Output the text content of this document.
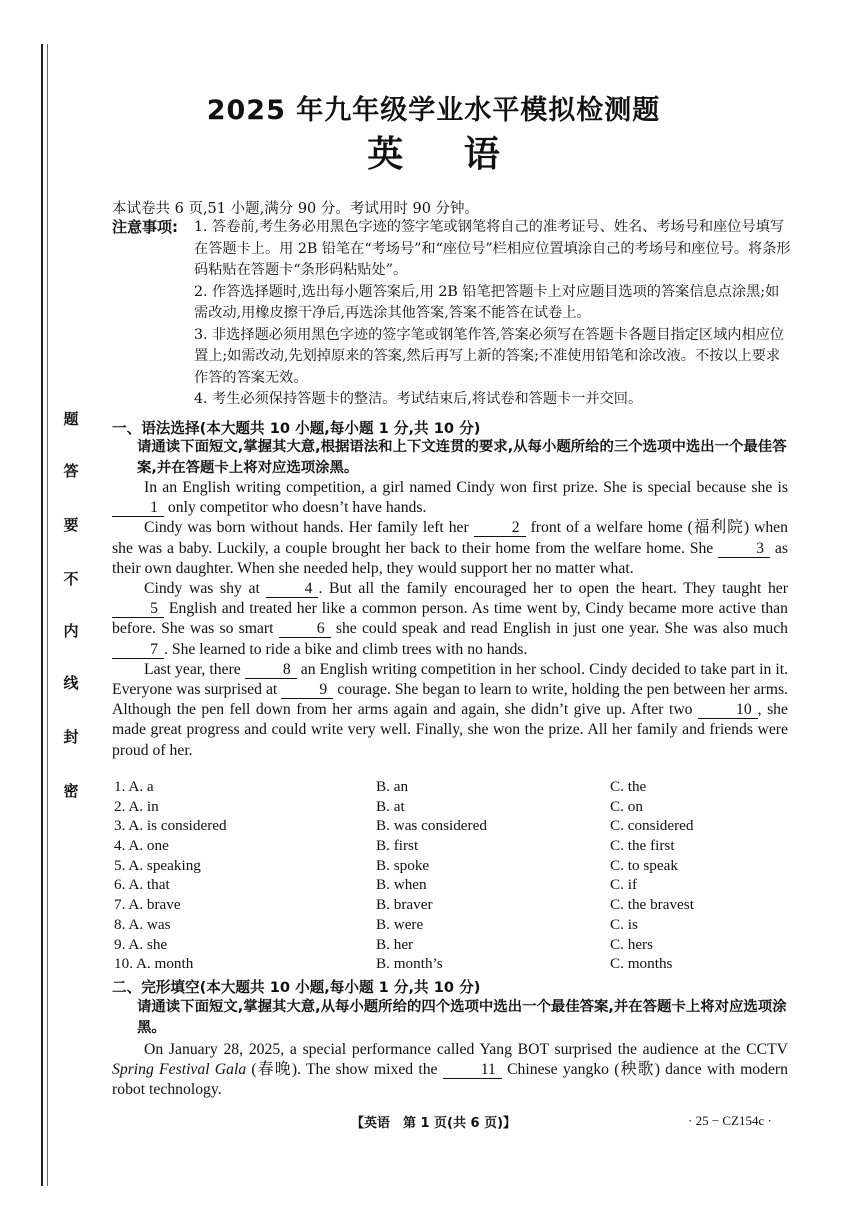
题
答
要
不
内
线
封
密
2025 年九年级学业水平模拟检测题
英 语
本试卷共 6 页,51 小题,满分 90 分。考试用时 90 分钟。
注意事项: 1. 答卷前,考生务必用黑色字迹的签字笔或钢笔将自己的准考证号、姓名、考场号和座位号填写在答题卡上。用 2B 铅笔在“考场号”和“座位号”栏相应位置填涂自己的考场号和座位号。将条形码粘贴在答题卡“条形码粘贴处”。
2. 作答选择题时,选出每小题答案后,用 2B 铅笔把答题卡上对应题目选项的答案信息点涂黑;如需改动,用橡皮擦干净后,再选涂其他答案,答案不能答在试卷上。
3. 非选择题必须用黑色字迹的签字笔或钢笔作答,答案必须写在答题卡各题目指定区域内相应位置上;如需改动,先划掉原来的答案,然后再写上新的答案;不准使用铅笔和涂改液。不按以上要求作答的答案无效。
4. 考生必须保持答题卡的整洁。考试结束后,将试卷和答题卡一并交回。
一、语法选择(本大题共 10 小题,每小题 1 分,共 10 分)
请通读下面短文,掌握其大意,根据语法和上下文连贯的要求,从每小题所给的三个选项中选出一个最佳答案,并在答题卡上将对应选项涂黑。

In an English writing competition, a girl named Cindy won first prize. She is special because she is 1 only competitor who doesn’t have hands.

Cindy was born without hands. Her family left her 2 front of a welfare home (福利院) when she was a baby. Luckily, a couple brought her back to their home from the welfare home. She 3 as their own daughter. When she needed help, they would support her no matter what.

Cindy was shy at 4 . But all the family encouraged her to open the heart. They taught her 5 English and treated her like a common person. As time went by, Cindy became more active than before. She was so smart 6 she could speak and read English in just one year. She was also much 7 . She learned to ride a bike and climb trees with no hands.

Last year, there 8 an English writing competition in her school. Cindy decided to take part in it. Everyone was surprised at 9 courage. She began to learn to write, holding the pen between her arms. Although the pen fell down from her arms again and again, she didn’t give up. After two 10 , she made great progress and could write very well. Finally, she won the prize. All her family and friends were proud of her.

1. A. a	B. an	C. the
2. A. in	B. at	C. on
3. A. is considered	B. was considered	C. considered
4. A. one	B. first	C. the first
5. A. speaking	B. spoke	C. to speak
6. A. that	B. when	C. if
7. A. brave	B. braver	C. the bravest
8. A. was	B. were	C. is
9. A. she	B. her	C. hers
10. A. month	B. month’s	C. months
二、完形填空(本大题共 10 小题,每小题 1 分,共 10 分)
请通读下面短文,掌握其大意,从每小题所给的四个选项中选出一个最佳答案,并在答题卡上将对应选项涂黑。

On January 28, 2025, a special performance called Yang BOT surprised the audience at the CCTV Spring Festival Gala (春晚). The show mixed the 11 Chinese yangko (秧歌) dance with modern robot technology.

【英语　第 1 页(共 6 页)】	· 25 − CZ154c ·
